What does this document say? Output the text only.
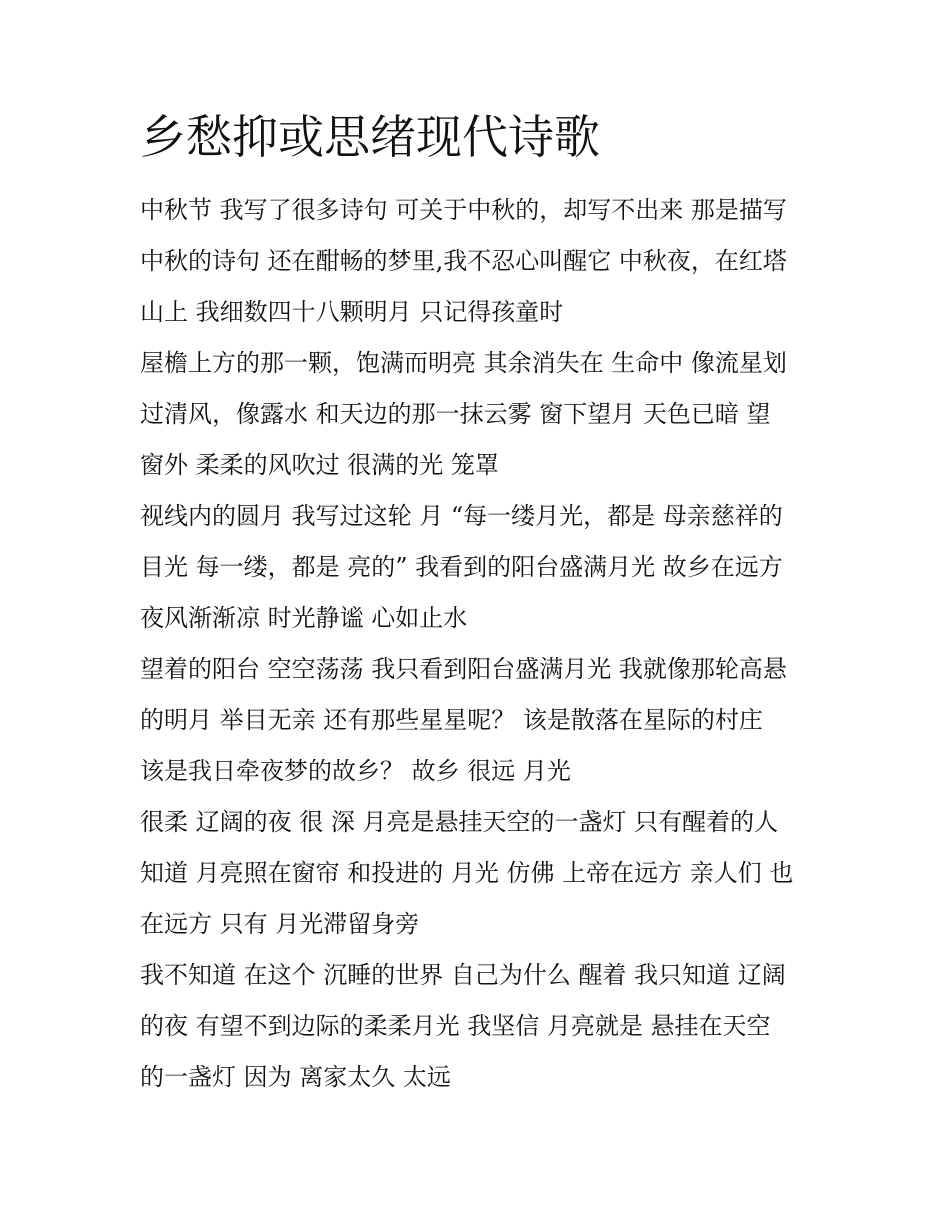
乡愁抑或思绪现代诗歌

中秋节 我写了很多诗句 可关于中秋的，却写不出来 那是描写

中秋的诗句 还在酣畅的梦里,我不忍心叫醒它 中秋夜，在红塔

山上 我细数四十八颗明月 只记得孩童时

屋檐上方的那一颗，饱满而明亮 其余消失在 生命中 像流星划

过清风，像露水 和天边的那一抹云雾 窗下望月 天色已暗 望

窗外 柔柔的风吹过 很满的光 笼罩

视线内的圆月 我写过这轮 月 “每一缕月光，都是 母亲慈祥的

目光 每一缕，都是 亮的” 我看到的阳台盛满月光 故乡在远方

夜风渐渐凉 时光静谧 心如止水

望着的阳台 空空荡荡 我只看到阳台盛满月光 我就像那轮高悬

的明月 举目无亲 还有那些星星呢？ 该是散落在星际的村庄

该是我日牵夜梦的故乡？ 故乡 很远 月光

很柔 辽阔的夜 很 深 月亮是悬挂天空的一盏灯 只有醒着的人

知道 月亮照在窗帘 和投进的 月光 仿佛 上帝在远方 亲人们 也

在远方 只有 月光滞留身旁

我不知道 在这个 沉睡的世界 自己为什么 醒着 我只知道 辽阔

的夜 有望不到边际的柔柔月光 我坚信 月亮就是 悬挂在天空

的一盏灯 因为 离家太久 太远
